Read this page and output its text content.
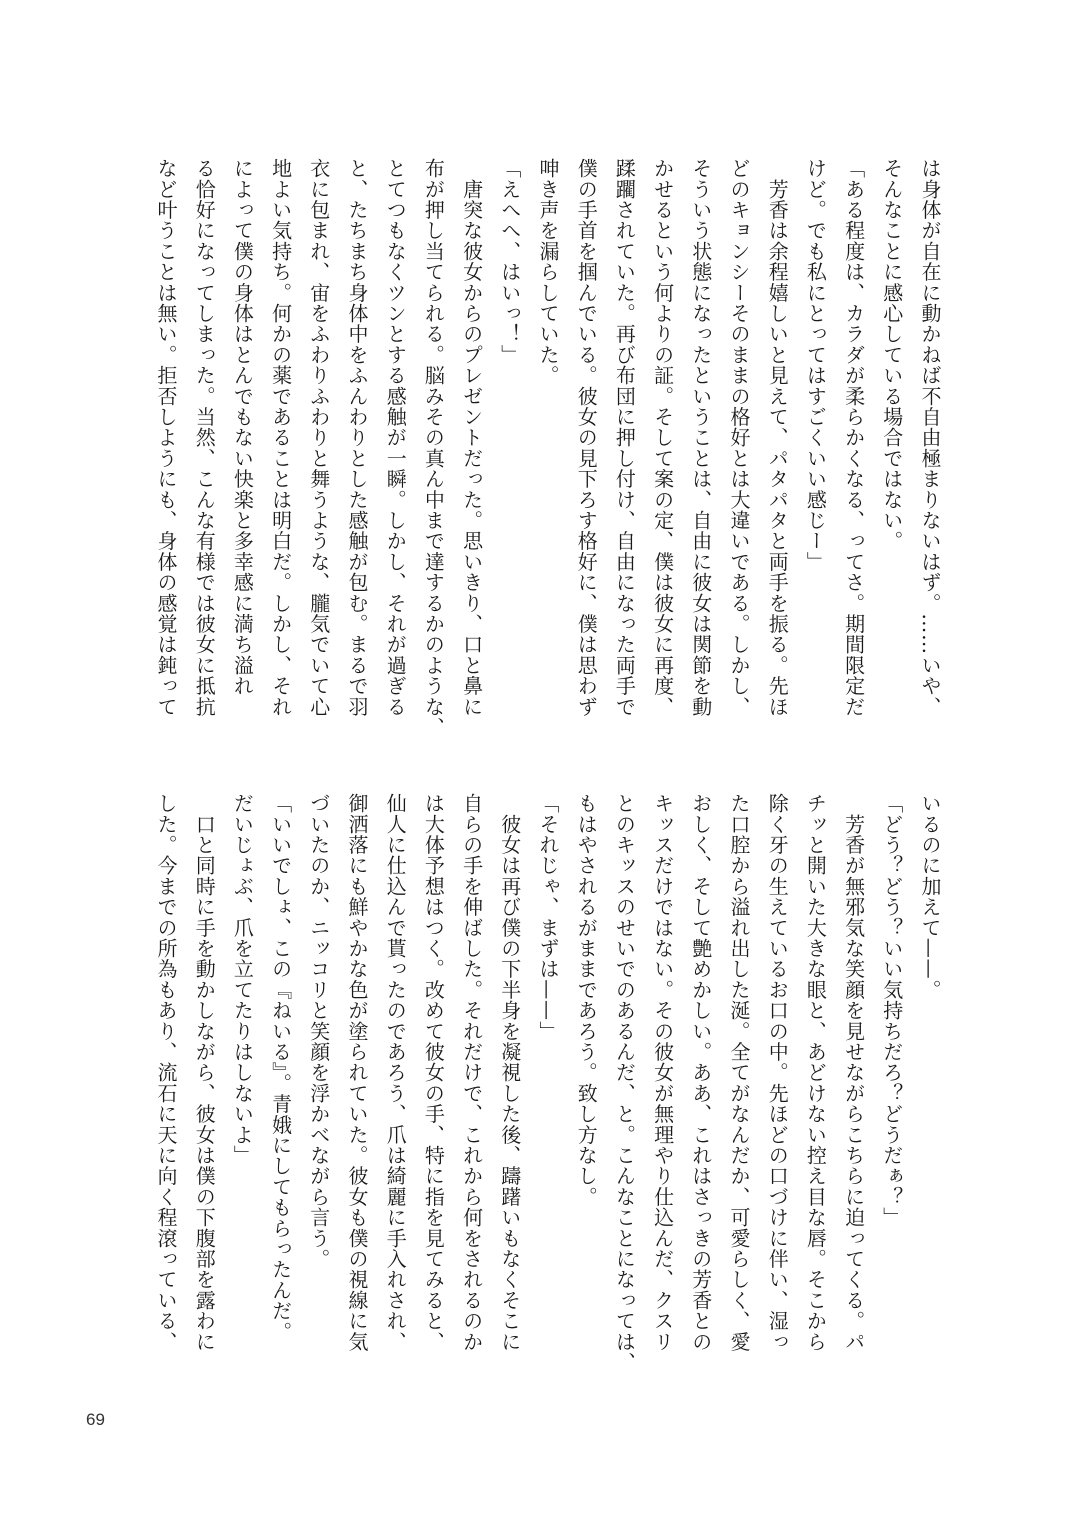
は身体が自在に動かねば不自由極まりないはず。……いや、
そんなことに感心している場合ではない。
「ある程度は、カラダが柔らかくなる、ってさ。期間限定だ
けど。でも私にとってはすごくいい感じー」
　芳香は余程嬉しいと見えて、パタパタと両手を振る。先ほ
どのキョンシーそのままの格好とは大違いである。しかし、
そういう状態になったということは、自由に彼女は関節を動
かせるという何よりの証。そして案の定、僕は彼女に再度、
蹂躙されていた。再び布団に押し付け、自由になった両手で
僕の手首を掴んでいる。彼女の見下ろす格好に、僕は思わず
呻き声を漏らしていた。
「えへへ、はいっ！」
　唐突な彼女からのプレゼントだった。思いきり、口と鼻に
布が押し当てられる。脳みその真ん中まで達するかのような、
とてつもなくツンとする感触が一瞬。しかし、それが過ぎる
と、たちまち身体中をふんわりとした感触が包む。まるで羽
衣に包まれ、宙をふわりふわりと舞うような、朧気でいて心
地よい気持ち。何かの薬であることは明白だ。しかし、それ
によって僕の身体はとんでもない快楽と多幸感に満ち溢れ
る恰好になってしまった。当然、こんな有様では彼女に抵抗
など叶うことは無い。拒否しようにも、身体の感覚は鈍って
いるのに加えて——。
「どう？どう？いい気持ちだろ？どうだぁ？」
　芳香が無邪気な笑顔を見せながらこちらに迫ってくる。パ
チッと開いた大きな眼と、あどけない控え目な唇。そこから
除く牙の生えているお口の中。先ほどの口づけに伴い、湿っ
た口腔から溢れ出した涎。全てがなんだか、可愛らしく、愛
おしく、そして艶めかしい。ああ、これはさっきの芳香との
キッスだけではない。その彼女が無理やり仕込んだ、クスリ
とのキッスのせいでのあるんだ、と。こんなことになっては、
もはやされるがままであろう。致し方なし。
「それじゃ、まずは——」
　彼女は再び僕の下半身を凝視した後、躊躇いもなくそこに
自らの手を伸ばした。それだけで、これから何をされるのか
は大体予想はつく。改めて彼女の手、特に指を見てみると、
仙人に仕込んで貰ったのであろう、爪は綺麗に手入れされ、
御洒落にも鮮やかな色が塗られていた。彼女も僕の視線に気
づいたのか、ニッコリと笑顔を浮かべながら言う。
「いいでしょ、この『ねいる』。青娥にしてもらったんだ。
だいじょぶ、爪を立てたりはしないよ」
　口と同時に手を動かしながら、彼女は僕の下腹部を露わに
した。今までの所為もあり、流石に天に向く程滾っている、
69
